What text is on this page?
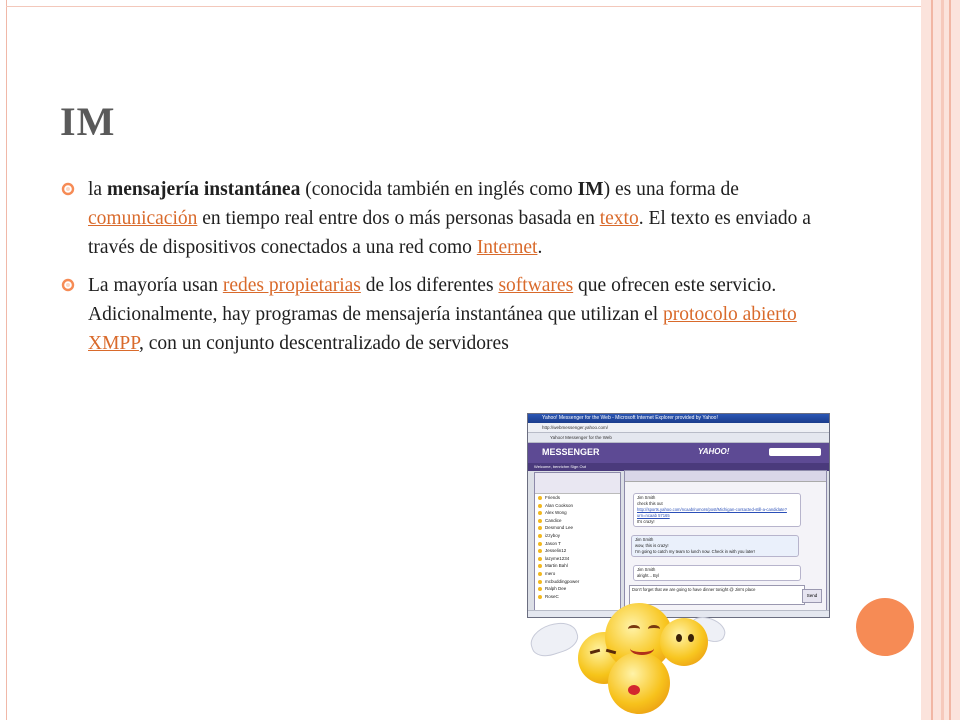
IM
la mensajería instantánea (conocida también en inglés como IM) es una forma de comunicación en tiempo real entre dos o más personas basada en texto. El texto es enviado a través de dispositivos conectados a una red como Internet.
La mayoría usan redes propietarias de los diferentes softwares que ofrecen este servicio. Adicionalmente, hay programas de mensajería instantánea que utilizan el protocolo abierto XMPP, con un conjunto descentralizado de servidores
Yahoo! Messenger for the Web - Microsoft Internet Explorer provided by Yahoo!
http://webmessenger.yahoo.com/
Yahoo! Messenger for the Web
MESSENGER	YAHOO!
Welcome, benrichm Sign Out
Friends
Alan Cookson
Alex Wong
Candice
Desmond Lee
izzyboy
Jason T
Jesselin12
lazyme1234
Martin Bahl
mero
mcbuddingpower
Ralph Dee
RoseC
Jim Smith
check this out
http://sports.yahoo.com/ncaab/rumors/post/Michigan-contacted-still-a-candidate?urn=ncaab 57165
It's crazy!
Jim Smith
wow, this is crazy!
I'm going to catch my team to lunch now. Check in with you later!
Jim Smith
alright... Byl
Don't forget that we are going to have dinner tonight @ Jim's place
Send
